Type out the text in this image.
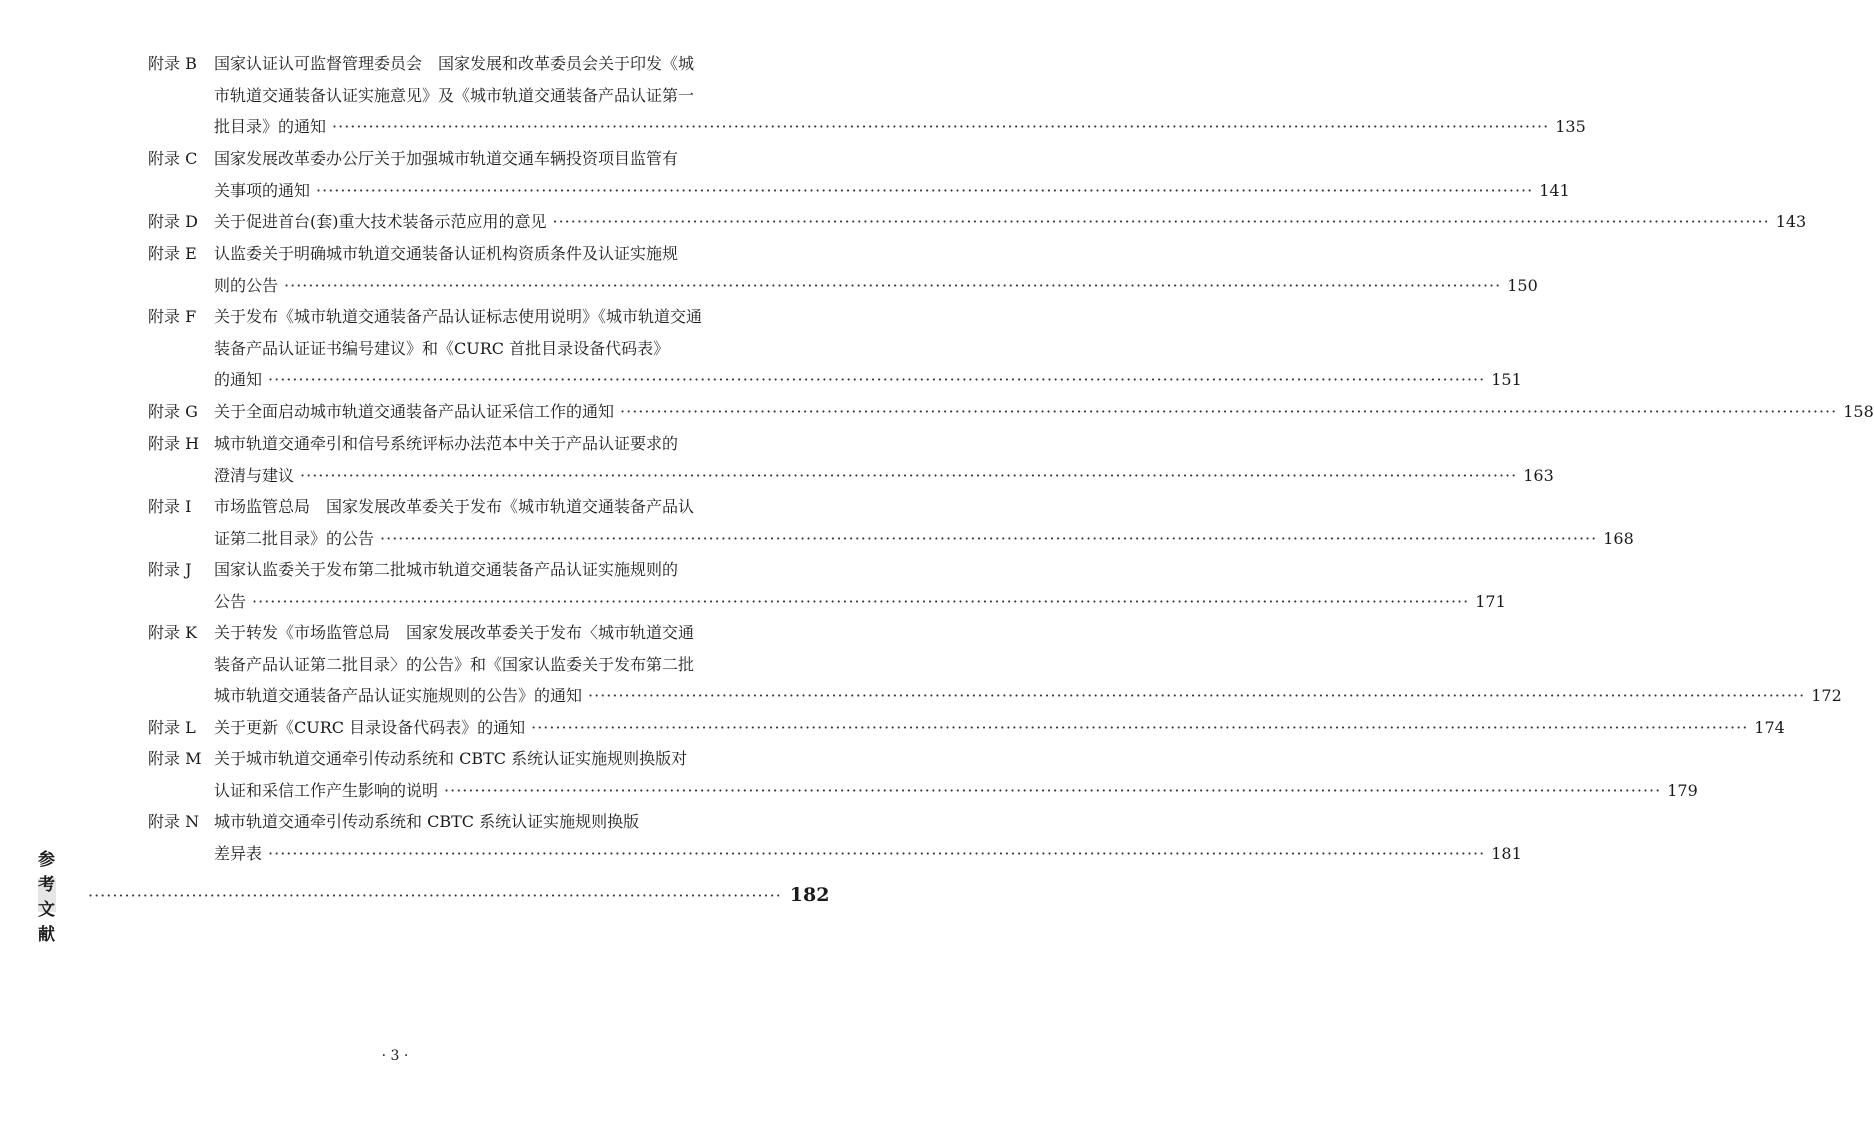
附录 B 国家认证认可监督管理委员会　国家发展和改革委员会关于印发《城
市轨道交通装备认证实施意见》及《城市轨道交通装备产品认证第一
批目录》的通知 ········································································································································································································ 135
附录 C 国家发展改革委办公厅关于加强城市轨道交通车辆投资项目监管有
关事项的通知 ········································································································································································································ 141
附录 D 关于促进首台(套)重大技术装备示范应用的意见 ········································································································································································································ 143
附录 E 认监委关于明确城市轨道交通装备认证机构资质条件及认证实施规
则的公告 ········································································································································································································ 150
附录 F 关于发布《城市轨道交通装备产品认证标志使用说明》《城市轨道交通
装备产品认证证书编号建议》和《CURC 首批目录设备代码表》
的通知 ········································································································································································································ 151
附录 G 关于全面启动城市轨道交通装备产品认证采信工作的通知 ········································································································································································································ 158
附录 H 城市轨道交通牵引和信号系统评标办法范本中关于产品认证要求的
澄清与建议 ········································································································································································································ 163
附录 I 市场监管总局　国家发展改革委关于发布《城市轨道交通装备产品认
证第二批目录》的公告 ········································································································································································································ 168
附录 J 国家认监委关于发布第二批城市轨道交通装备产品认证实施规则的
公告 ········································································································································································································ 171
附录 K 关于转发《市场监管总局　国家发展改革委关于发布〈城市轨道交通
装备产品认证第二批目录〉的公告》和《国家认监委关于发布第二批
城市轨道交通装备产品认证实施规则的公告》的通知 ········································································································································································································ 172
附录 L 关于更新《CURC 目录设备代码表》的通知 ········································································································································································································ 174
附录 M 关于城市轨道交通牵引传动系统和 CBTC 系统认证实施规则换版对
认证和采信工作产生影响的说明 ········································································································································································································ 179
附录 N 城市轨道交通牵引传动系统和 CBTC 系统认证实施规则换版
差异表 ········································································································································································································ 181
参考文献
·················································································································· 182
· 3 ·
